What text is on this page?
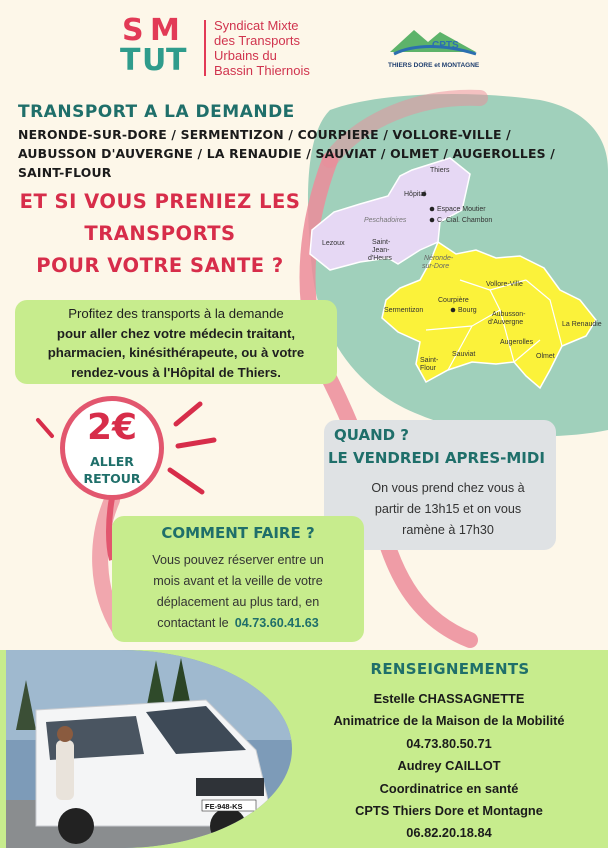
Thiers
Hôpital
Espace Moutier
C. Cial. Chambon
Peschadoires
Lezoux	Saint-
Jean-
d'Heurs	Néronde-
sur-Dore
Vollore-Ville
Courpière
Bourg
Sermentizon
Aubusson-
d'Auvergne	La Renaudie
Augerolles
Sauviat	Olmet
Saint-
Flour
S M
T U T
Syndicat Mixte
des Transports
Urbains du
Bassin Thiernois
CPTS
THIERS DORE et MONTAGNE
TRANSPORT A LA DEMANDE
NERONDE-SUR-DORE / SERMENTIZON / COURPIERE / VOLLORE-VILLE / AUBUSSON D'AUVERGNE / LA RENAUDIE / SAUVIAT / OLMET / AUGEROLLES / SAINT-FLOUR
ET SI VOUS PRENIEZ LES
TRANSPORTS
POUR VOTRE SANTE ?
Profitez des transports à la demande
pour aller chez votre médecin traitant,
pharmacien, kinésithérapeute, ou à votre
rendez-vous à l'Hôpital de Thiers.
2€
ALLER
RETOUR
QUAND ?
LE VENDREDI APRES-MIDI
On vous prend chez vous à
partir de 13h15 et on vous
ramène à 17h30
COMMENT FAIRE ?
Vous pouvez réserver entre un
mois avant et la veille de votre
déplacement au plus tard, en
contactant le 04.73.60.41.63
FE-948-KS
RENSEIGNEMENTS
Estelle CHASSAGNETTE
Animatrice de la Maison de la Mobilité
04.73.80.50.71
Audrey CAILLOT
Coordinatrice en santé
CPTS Thiers Dore et Montagne
06.82.20.18.84
